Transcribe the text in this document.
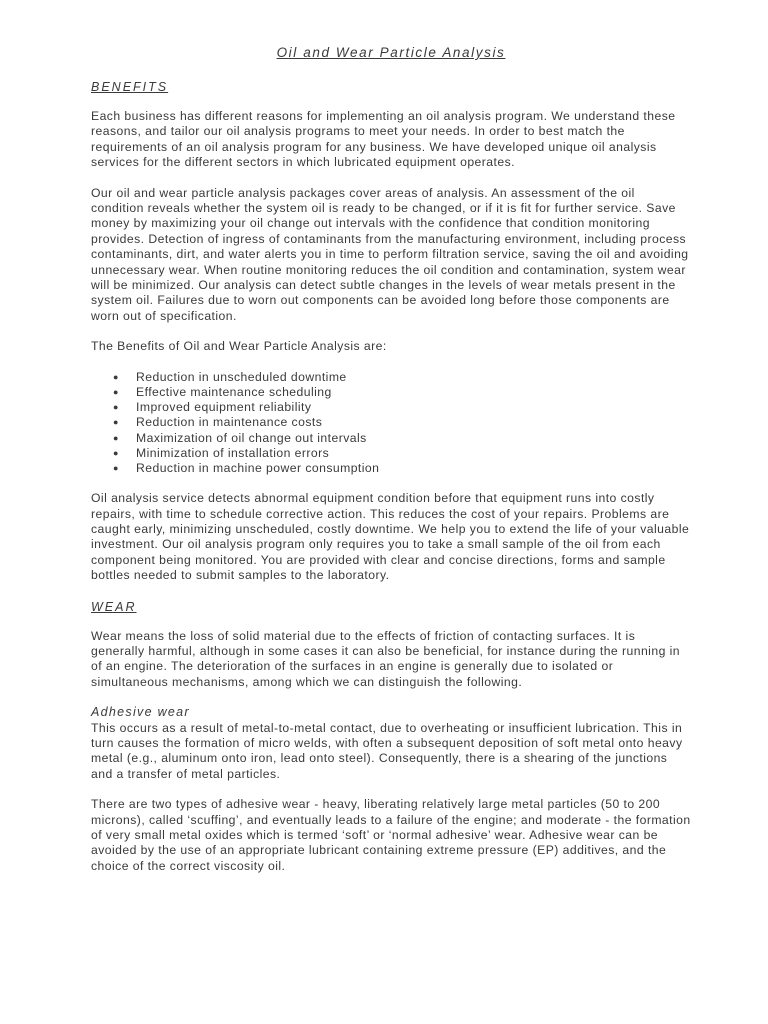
Oil and Wear Particle Analysis
BENEFITS

Each business has different reasons for implementing an oil analysis program. We understand these reasons, and tailor our oil analysis programs to meet your needs. In order to best match the requirements of an oil analysis program for any business. We have developed unique oil analysis services for the different sectors in which lubricated equipment operates.

Our oil and wear particle analysis packages cover areas of analysis. An assessment of the oil condition reveals whether the system oil is ready to be changed, or if it is fit for further service. Save money by maximizing your oil change out intervals with the confidence that condition monitoring provides. Detection of ingress of contaminants from the manufacturing environment, including process contaminants, dirt, and water alerts you in time to perform filtration service, saving the oil and avoiding unnecessary wear. When routine monitoring reduces the oil condition and contamination, system wear will be minimized. Our analysis can detect subtle changes in the levels of wear metals present in the system oil. Failures due to worn out components can be avoided long before those components are worn out of specification.

The Benefits of Oil and Wear Particle Analysis are:

● Reduction in unscheduled downtime
● Effective maintenance scheduling
● Improved equipment reliability
● Reduction in maintenance costs
● Maximization of oil change out intervals
● Minimization of installation errors
● Reduction in machine power consumption

Oil analysis service detects abnormal equipment condition before that equipment runs into costly repairs, with time to schedule corrective action. This reduces the cost of your repairs. Problems are caught early, minimizing unscheduled, costly downtime. We help you to extend the life of your valuable investment. Our oil analysis program only requires you to take a small sample of the oil from each component being monitored. You are provided with clear and concise directions, forms and sample bottles needed to submit samples to the laboratory.

WEAR

Wear means the loss of solid material due to the effects of friction of contacting surfaces. It is generally harmful, although in some cases it can also be beneficial, for instance during the running in of an engine. The deterioration of the surfaces in an engine is generally due to isolated or simultaneous mechanisms, among which we can distinguish the following.

Adhesive wear

This occurs as a result of metal-to-metal contact, due to overheating or insufficient lubrication. This in turn causes the formation of micro welds, with often a subsequent deposition of soft metal onto heavy metal (e.g., aluminum onto iron, lead onto steel). Consequently, there is a shearing of the junctions and a transfer of metal particles.

There are two types of adhesive wear - heavy, liberating relatively large metal particles (50 to 200 microns), called ‘scuffing’, and eventually leads to a failure of the engine; and moderate - the formation of very small metal oxides which is termed ‘soft’ or ‘normal adhesive’ wear. Adhesive wear can be avoided by the use of an appropriate lubricant containing extreme pressure (EP) additives, and the choice of the correct viscosity oil.
